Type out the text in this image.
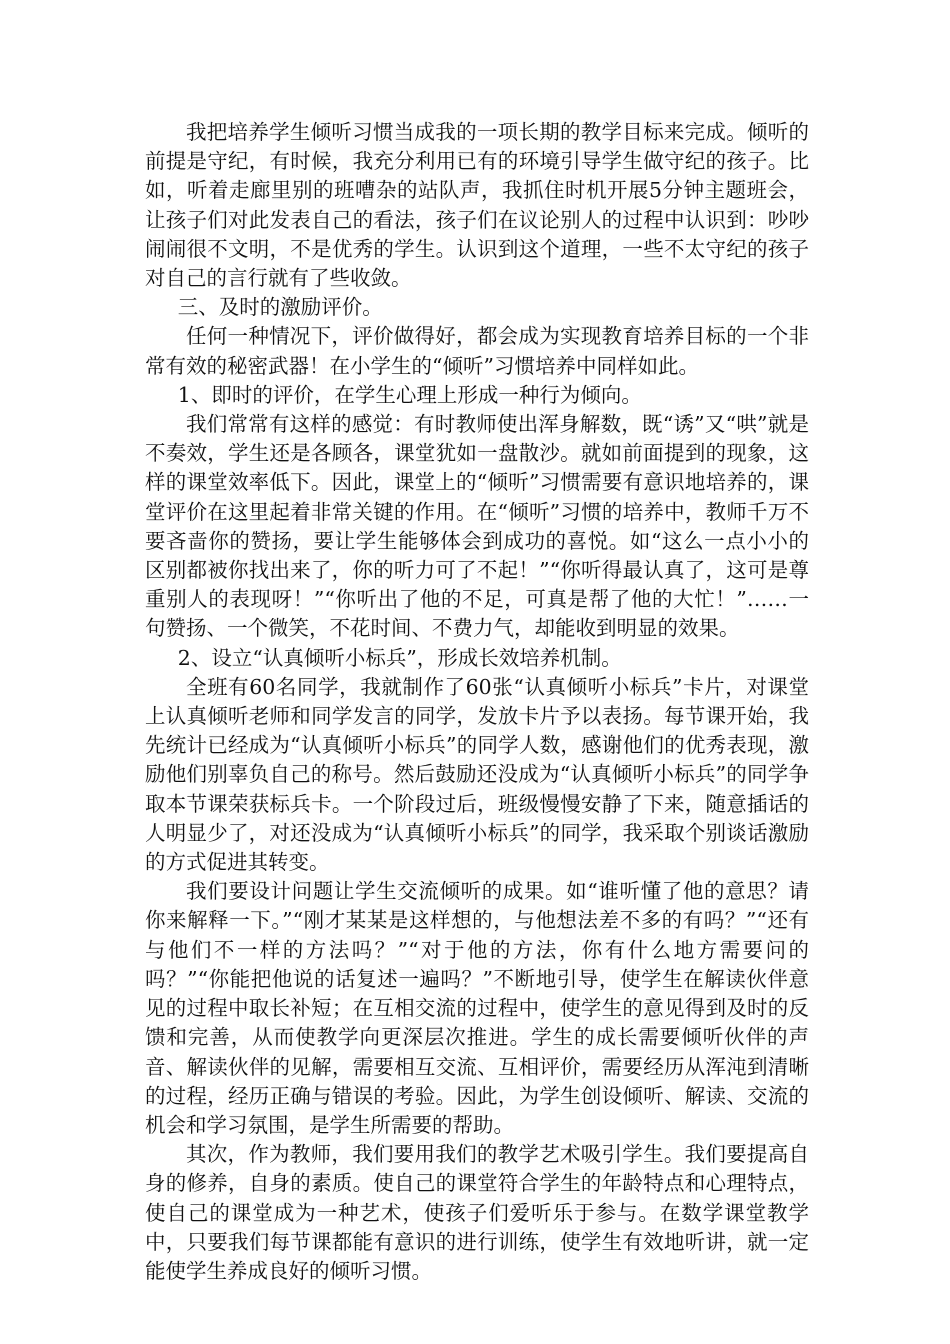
我把培养学生倾听习惯当成我的一项长期的教学目标来完成。倾听的前提是守纪，有时候，我充分利用已有的环境引导学生做守纪的孩子。比如，听着走廊里别的班嘈杂的站队声，我抓住时机开展5分钟主题班会，让孩子们对此发表自己的看法，孩子们在议论别人的过程中认识到：吵吵闹闹很不文明，不是优秀的学生。认识到这个道理，一些不太守纪的孩子对自己的言行就有了些收敛。

三、及时的激励评价。

任何一种情况下，评价做得好，都会成为实现教育培养目标的一个非常有效的秘密武器！在小学生的“倾听”习惯培养中同样如此。

1、即时的评价，在学生心理上形成一种行为倾向。

我们常常有这样的感觉：有时教师使出浑身解数，既“诱”又“哄”就是不奏效，学生还是各顾各，课堂犹如一盘散沙。就如前面提到的现象，这样的课堂效率低下。因此，课堂上的“倾听”习惯需要有意识地培养的，课堂评价在这里起着非常关键的作用。在“倾听”习惯的培养中，教师千万不要吝啬你的赞扬，要让学生能够体会到成功的喜悦。如“这么一点小小的区别都被你找出来了，你的听力可了不起！”“你听得最认真了，这可是尊重别人的表现呀！”“你听出了他的不足，可真是帮了他的大忙！”……一句赞扬、一个微笑，不花时间、不费力气，却能收到明显的效果。

2、设立“认真倾听小标兵”，形成长效培养机制。

全班有60名同学，我就制作了60张“认真倾听小标兵”卡片，对课堂上认真倾听老师和同学发言的同学，发放卡片予以表扬。每节课开始，我先统计已经成为“认真倾听小标兵”的同学人数，感谢他们的优秀表现，激励他们别辜负自己的称号。然后鼓励还没成为“认真倾听小标兵”的同学争取本节课荣获标兵卡。一个阶段过后，班级慢慢安静了下来，随意插话的人明显少了，对还没成为“认真倾听小标兵”的同学，我采取个别谈话激励的方式促进其转变。

我们要设计问题让学生交流倾听的成果。如“谁听懂了他的意思？请你来解释一下。”“刚才某某是这样想的，与他想法差不多的有吗？”“还有与他们不一样的方法吗？”“对于他的方法，你有什么地方需要问的吗？”“你能把他说的话复述一遍吗？”不断地引导，使学生在解读伙伴意见的过程中取长补短；在互相交流的过程中，使学生的意见得到及时的反馈和完善，从而使教学向更深层次推进。学生的成长需要倾听伙伴的声音、解读伙伴的见解，需要相互交流、互相评价，需要经历从浑沌到清晰的过程，经历正确与错误的考验。因此，为学生创设倾听、解读、交流的机会和学习氛围，是学生所需要的帮助。

其次，作为教师，我们要用我们的教学艺术吸引学生。我们要提高自身的修养，自身的素质。使自己的课堂符合学生的年龄特点和心理特点，使自己的课堂成为一种艺术，使孩子们爱听乐于参与。在数学课堂教学中，只要我们每节课都能有意识的进行训练，使学生有效地听讲，就一定能使学生养成良好的倾听习惯。
